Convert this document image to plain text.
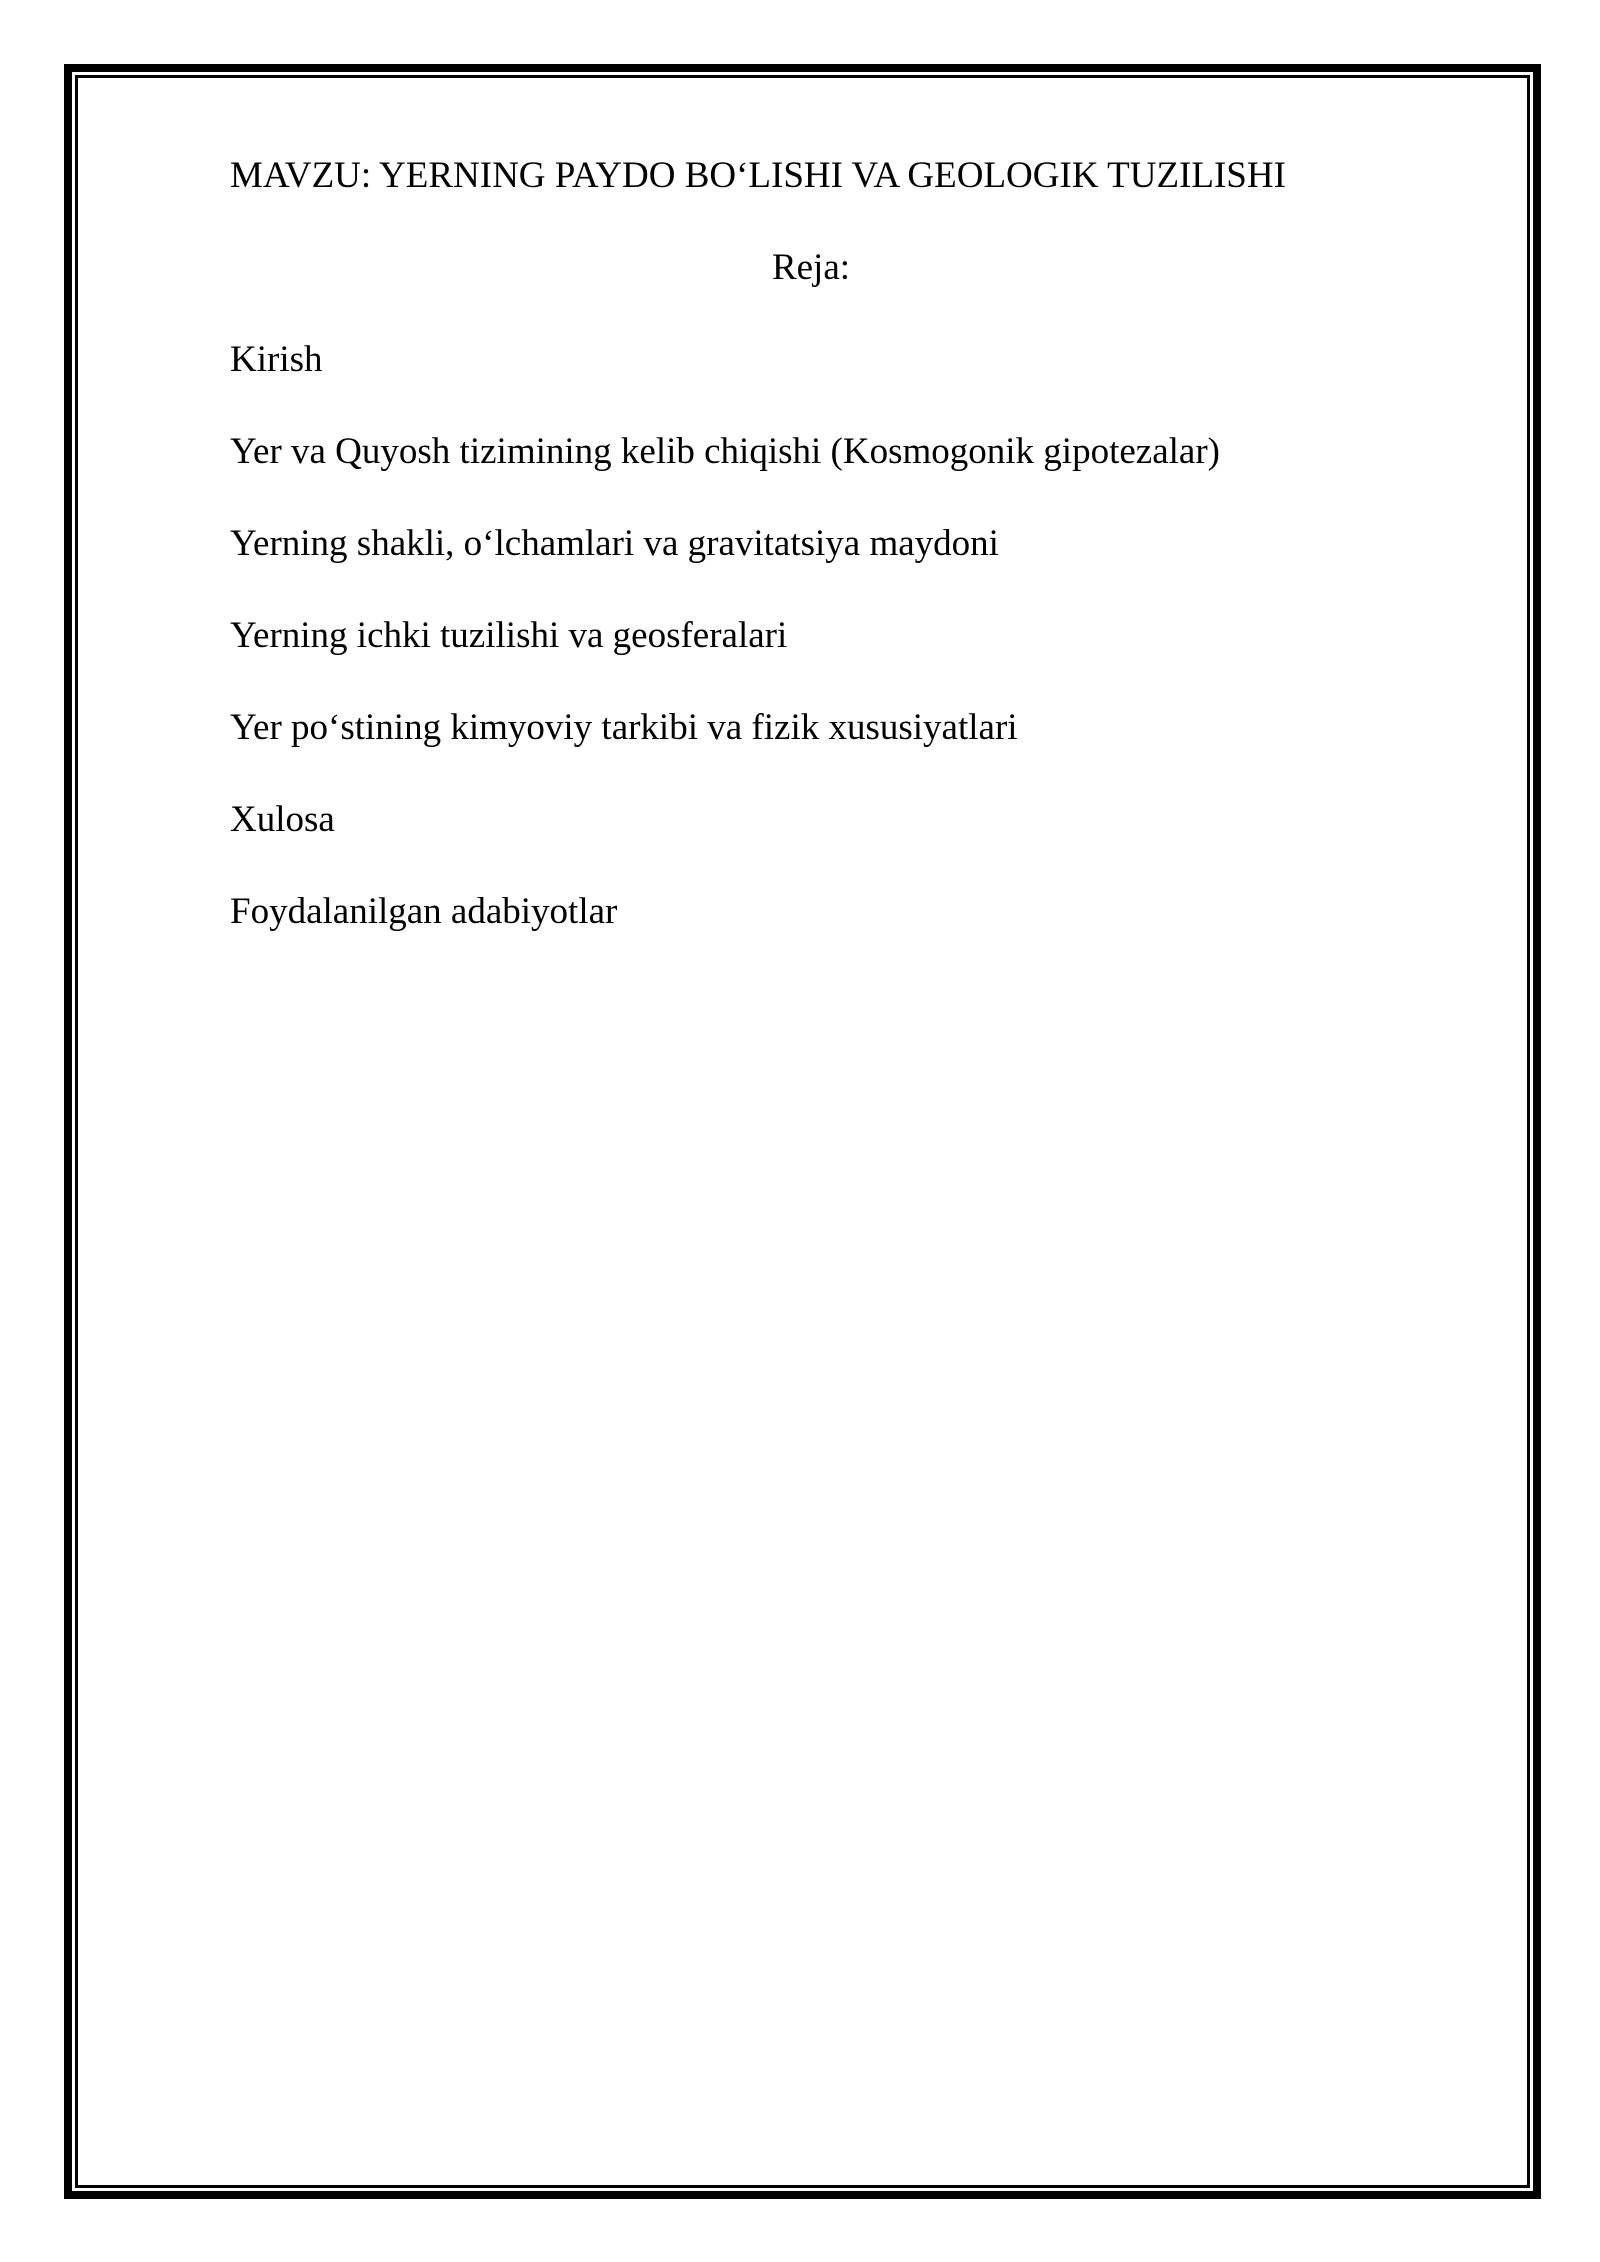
MAVZU: YERNING PAYDO BO‘LISHI VA GEOLOGIK TUZILISHI
Reja:
Kirish
Yer va Quyosh tizimining kelib chiqishi (Kosmogonik gipotezalar)
Yerning shakli, o‘lchamlari va gravitatsiya maydoni
Yerning ichki tuzilishi va geosferalari
Yer po‘stining kimyoviy tarkibi va fizik xususiyatlari
Xulosa
Foydalanilgan adabiyotlar
